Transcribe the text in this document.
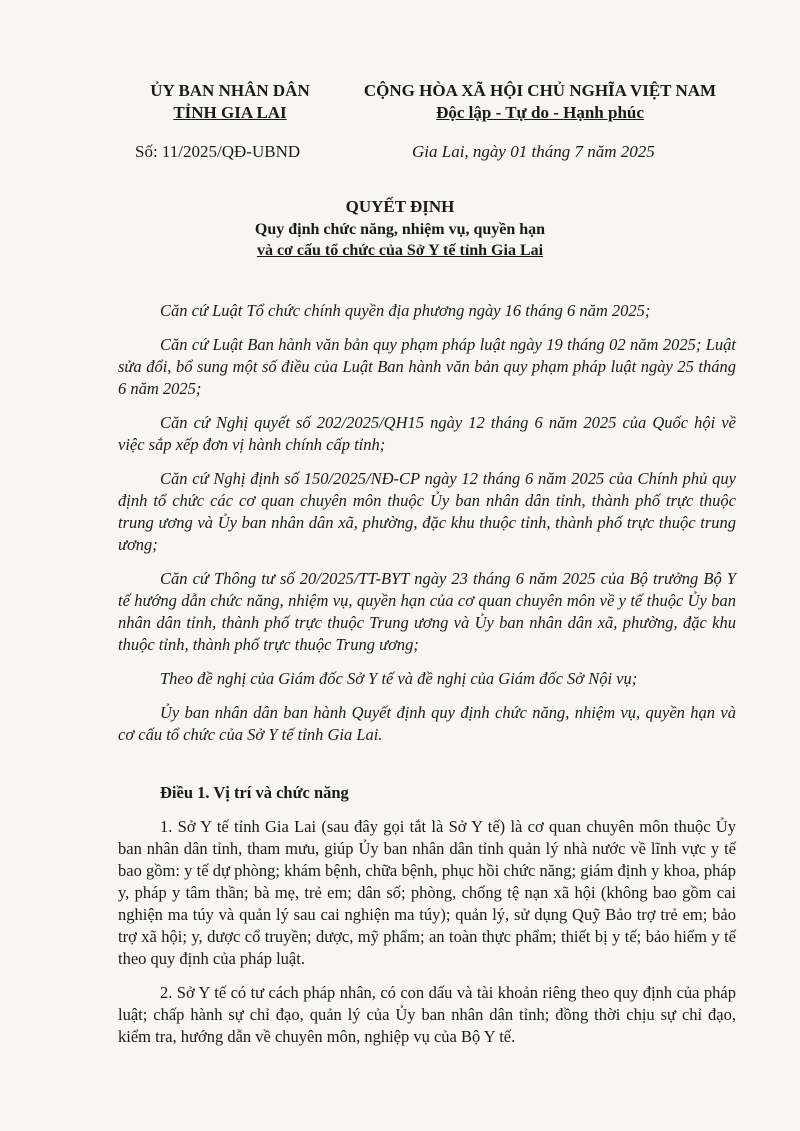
ỦY BAN NHÂN DÂN
TỈNH GIA LAI
CỘNG HÒA XÃ HỘI CHỦ NGHĨA VIỆT NAM
Độc lập - Tự do - Hạnh phúc
Số: 11/2025/QĐ-UBND	Gia Lai, ngày 01 tháng 7 năm 2025
QUYẾT ĐỊNH
Quy định chức năng, nhiệm vụ, quyền hạn
và cơ cấu tổ chức của Sở Y tế tỉnh Gia Lai

Căn cứ Luật Tổ chức chính quyền địa phương ngày 16 tháng 6 năm 2025;

Căn cứ Luật Ban hành văn bản quy phạm pháp luật ngày 19 tháng 02 năm 2025; Luật sửa đổi, bổ sung một số điều của Luật Ban hành văn bản quy phạm pháp luật ngày 25 tháng 6 năm 2025;

Căn cứ Nghị quyết số 202/2025/QH15 ngày 12 tháng 6 năm 2025 của Quốc hội về việc sắp xếp đơn vị hành chính cấp tỉnh;

Căn cứ Nghị định số 150/2025/NĐ-CP ngày 12 tháng 6 năm 2025 của Chính phủ quy định tổ chức các cơ quan chuyên môn thuộc Ủy ban nhân dân tỉnh, thành phố trực thuộc trung ương và Ủy ban nhân dân xã, phường, đặc khu thuộc tỉnh, thành phố trực thuộc trung ương;

Căn cứ Thông tư số 20/2025/TT-BYT ngày 23 tháng 6 năm 2025 của Bộ trưởng Bộ Y tế hướng dẫn chức năng, nhiệm vụ, quyền hạn của cơ quan chuyên môn về y tế thuộc Ủy ban nhân dân tỉnh, thành phố trực thuộc Trung ương và Ủy ban nhân dân xã, phường, đặc khu thuộc tỉnh, thành phố trực thuộc Trung ương;

Theo đề nghị của Giám đốc Sở Y tế và đề nghị của Giám đốc Sở Nội vụ;

Ủy ban nhân dân ban hành Quyết định quy định chức năng, nhiệm vụ, quyền hạn và cơ cấu tổ chức của Sở Y tế tỉnh Gia Lai.

Điều 1. Vị trí và chức năng

1. Sở Y tế tỉnh Gia Lai (sau đây gọi tắt là Sở Y tế) là cơ quan chuyên môn thuộc Ủy ban nhân dân tỉnh, tham mưu, giúp Ủy ban nhân dân tỉnh quản lý nhà nước về lĩnh vực y tế bao gồm: y tế dự phòng; khám bệnh, chữa bệnh, phục hồi chức năng; giám định y khoa, pháp y, pháp y tâm thần; bà mẹ, trẻ em; dân số; phòng, chống tệ nạn xã hội (không bao gồm cai nghiện ma túy và quản lý sau cai nghiện ma túy); quản lý, sử dụng Quỹ Bảo trợ trẻ em; bảo trợ xã hội; y, dược cổ truyền; dược, mỹ phẩm; an toàn thực phẩm; thiết bị y tế; bảo hiểm y tế theo quy định của pháp luật.

2. Sở Y tế có tư cách pháp nhân, có con dấu và tài khoản riêng theo quy định của pháp luật; chấp hành sự chỉ đạo, quản lý của Ủy ban nhân dân tỉnh; đồng thời chịu sự chỉ đạo, kiểm tra, hướng dẫn về chuyên môn, nghiệp vụ của Bộ Y tế.
